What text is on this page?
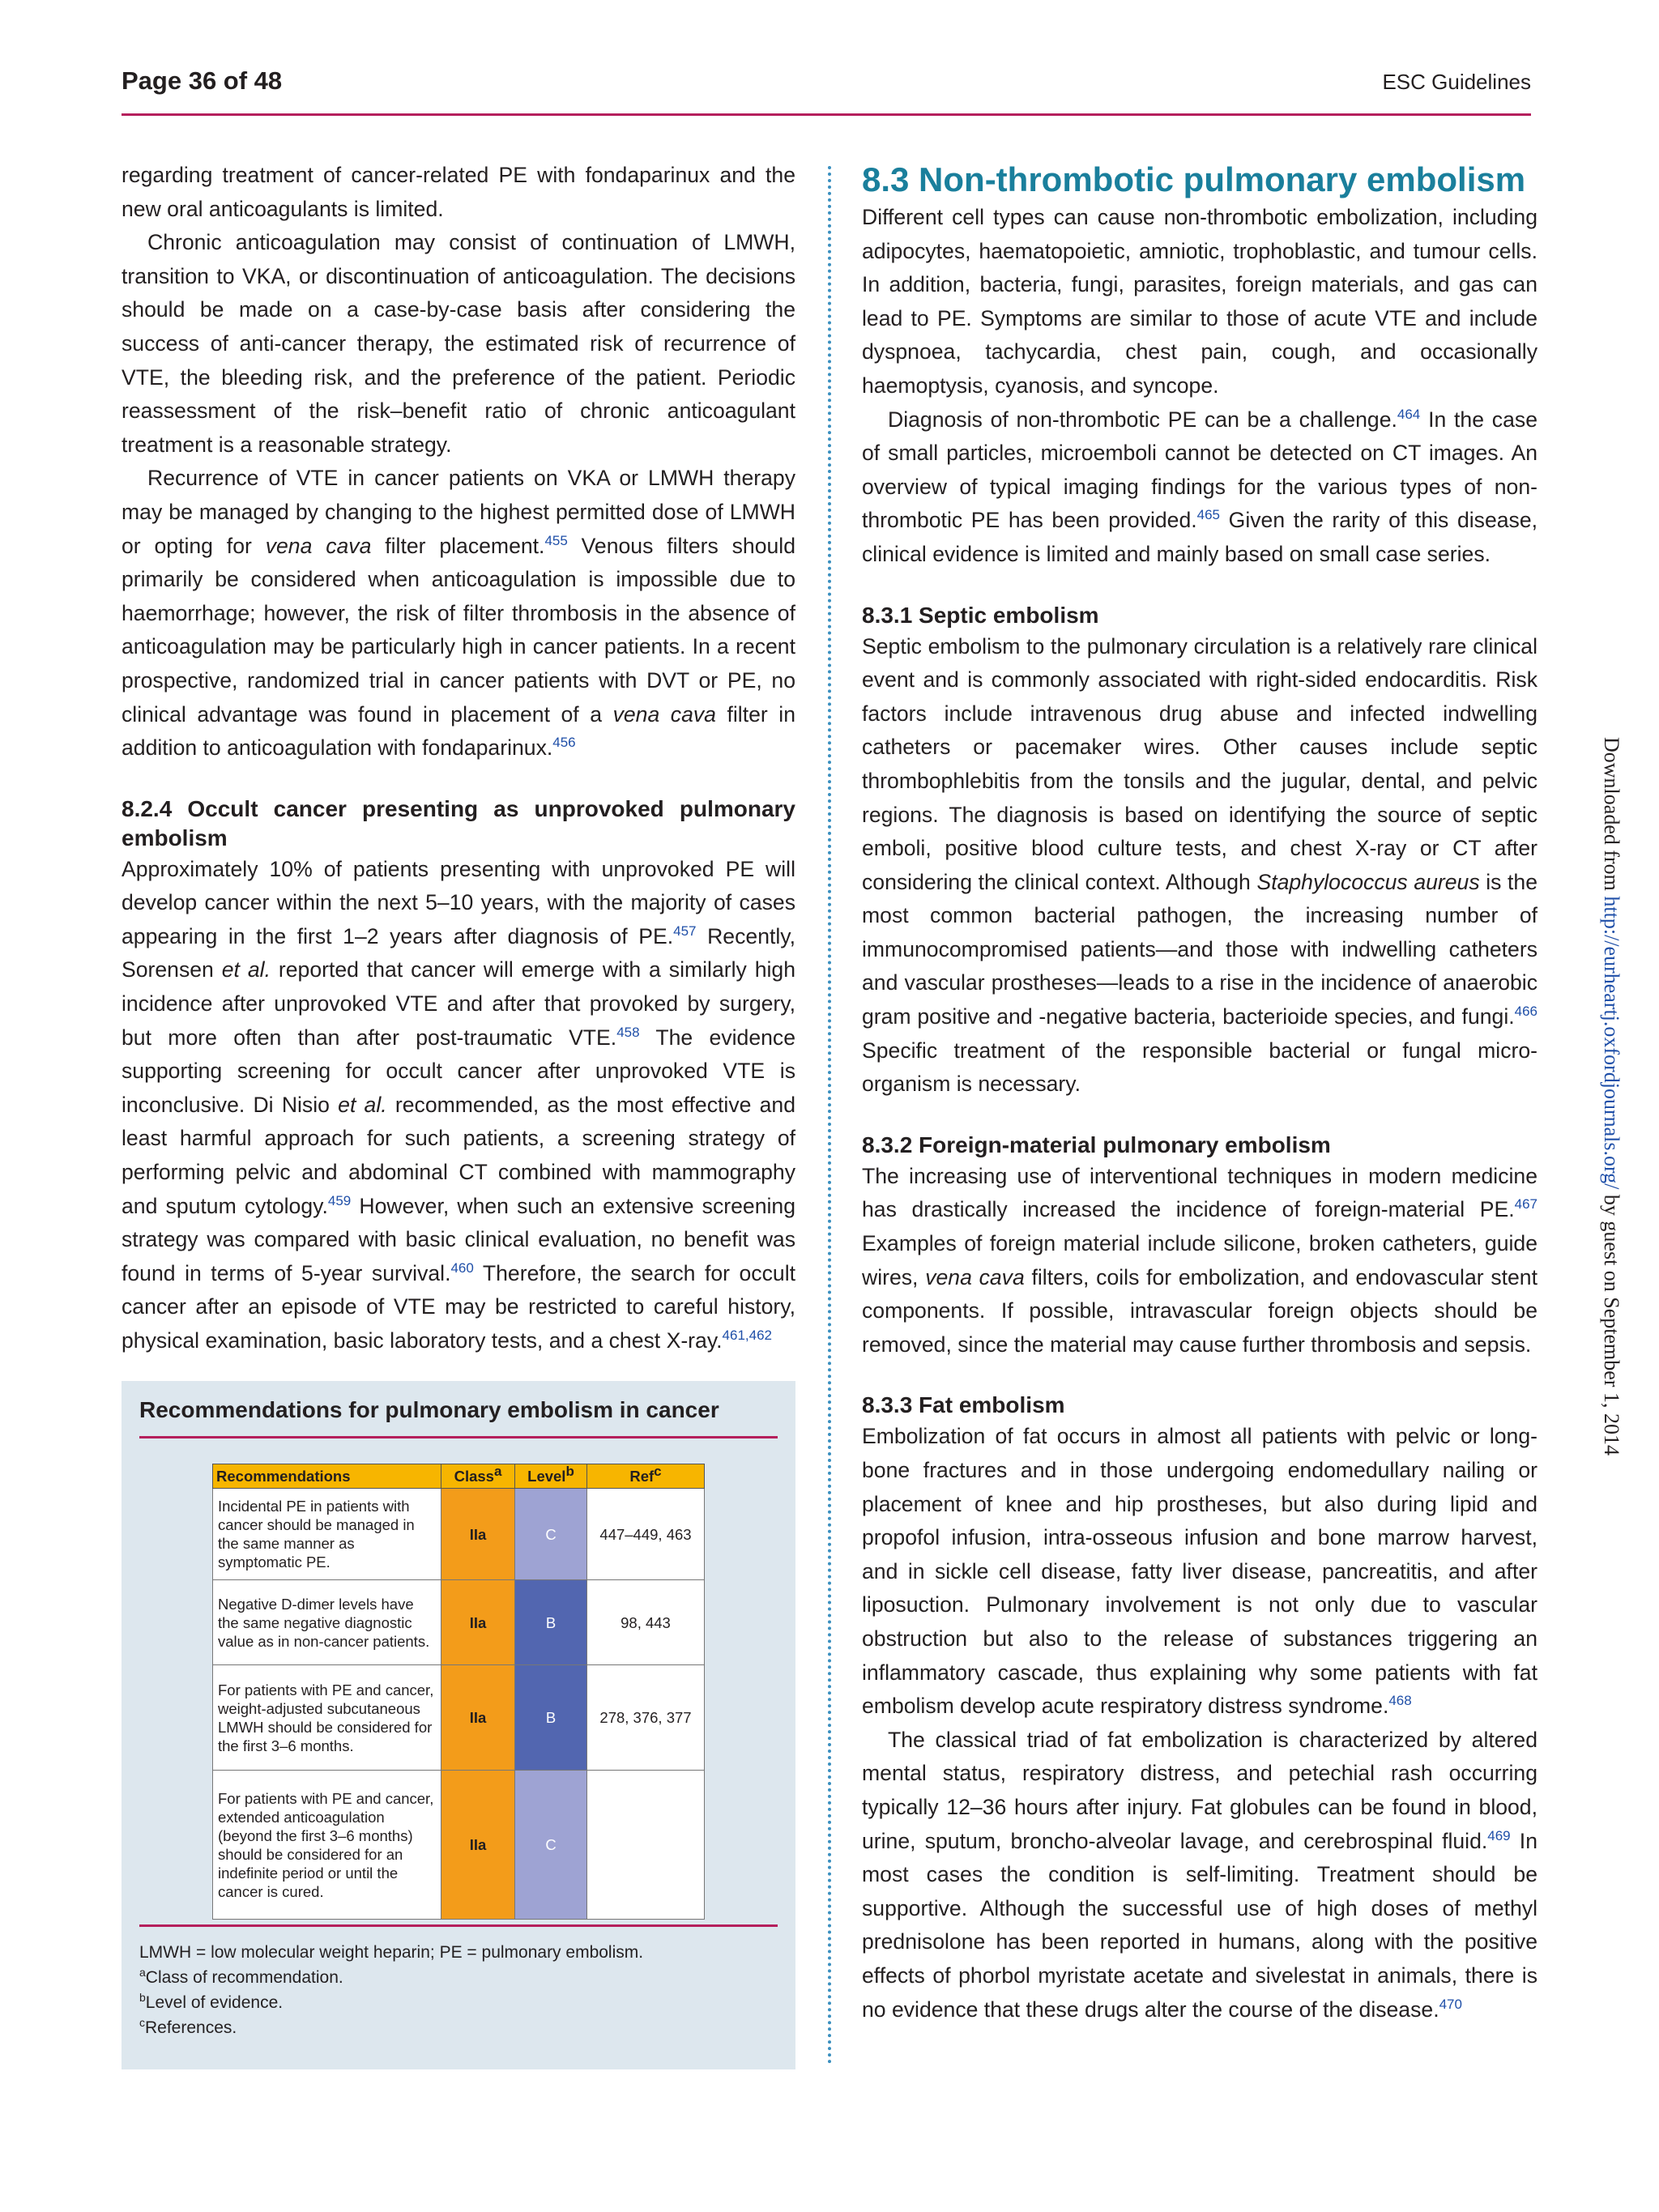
Page 36 of 48	ESC Guidelines

regarding treatment of cancer-related PE with fondaparinux and the new oral anticoagulants is limited.

Chronic anticoagulation may consist of continuation of LMWH, transition to VKA, or discontinuation of anticoagulation. The decisions should be made on a case-by-case basis after considering the success of anti-cancer therapy, the estimated risk of recurrence of VTE, the bleeding risk, and the preference of the patient. Periodic reassessment of the risk–benefit ratio of chronic anticoagulant treatment is a reasonable strategy.

Recurrence of VTE in cancer patients on VKA or LMWH therapy may be managed by changing to the highest permitted dose of LMWH or opting for vena cava filter placement.$^{455}$ Venous filters should primarily be considered when anticoagulation is impossible due to haemorrhage; however, the risk of filter thrombosis in the absence of anticoagulation may be particularly high in cancer patients. In a recent prospective, randomized trial in cancer patients with DVT or PE, no clinical advantage was found in placement of a vena cava filter in addition to anticoagulation with fondaparinux.$^{456}$

8.2.4 Occult cancer presenting as unprovoked pulmonary embolism

Approximately 10% of patients presenting with unprovoked PE will develop cancer within the next 5–10 years, with the majority of cases appearing in the first 1–2 years after diagnosis of PE.$^{457}$ Recently, Sorensen et al. reported that cancer will emerge with a similarly high incidence after unprovoked VTE and after that provoked by surgery, but more often than after post-traumatic VTE.$^{458}$ The evidence supporting screening for occult cancer after unprovoked VTE is inconclusive. Di Nisio et al. recommended, as the most effective and least harmful approach for such patients, a screening strategy of performing pelvic and abdominal CT combined with mammography and sputum cytology.$^{459}$ However, when such an extensive screening strategy was compared with basic clinical evaluation, no benefit was found in terms of 5-year survival.$^{460}$ Therefore, the search for occult cancer after an episode of VTE may be restricted to careful history, physical examination, basic laboratory tests, and a chest X-ray.$^{461,462}$

Recommendations for pulmonary embolism in cancer
Recommendations	Class$^a$	Level$^b$	Ref$^c$
Incidental PE in patients with cancer should be managed in the same manner as symptomatic PE.	IIa	C	447–449, 463
Negative D-dimer levels have the same negative diagnostic value as in non-cancer patients.	IIa	B	98, 443
For patients with PE and cancer, weight-adjusted subcutaneous LMWH should be considered for the first 3–6 months.	IIa	B	278, 376, 377
For patients with PE and cancer, extended anticoagulation (beyond the first 3–6 months) should be considered for an indefinite period or until the cancer is cured.	IIa	C	

LMWH = low molecular weight heparin; PE = pulmonary embolism.

$^a$Class of recommendation.

$^b$Level of evidence.

$^c$References.

8.3 Non-thrombotic pulmonary embolism

Different cell types can cause non-thrombotic embolization, including adipocytes, haematopoietic, amniotic, trophoblastic, and tumour cells. In addition, bacteria, fungi, parasites, foreign materials, and gas can lead to PE. Symptoms are similar to those of acute VTE and include dyspnoea, tachycardia, chest pain, cough, and occasionally haemoptysis, cyanosis, and syncope.

Diagnosis of non-thrombotic PE can be a challenge.$^{464}$ In the case of small particles, microemboli cannot be detected on CT images. An overview of typical imaging findings for the various types of non-thrombotic PE has been provided.$^{465}$ Given the rarity of this disease, clinical evidence is limited and mainly based on small case series.

8.3.1 Septic embolism

Septic embolism to the pulmonary circulation is a relatively rare clinical event and is commonly associated with right-sided endocarditis. Risk factors include intravenous drug abuse and infected indwelling catheters or pacemaker wires. Other causes include septic thrombophlebitis from the tonsils and the jugular, dental, and pelvic regions. The diagnosis is based on identifying the source of septic emboli, positive blood culture tests, and chest X-ray or CT after considering the clinical context. Although Staphylococcus aureus is the most common bacterial pathogen, the increasing number of immunocompromised patients—and those with indwelling catheters and vascular prostheses—leads to a rise in the incidence of anaerobic gram positive and -negative bacteria, bacterioide species, and fungi.$^{466}$ Specific treatment of the responsible bacterial or fungal micro-organism is necessary.

8.3.2 Foreign-material pulmonary embolism

The increasing use of interventional techniques in modern medicine has drastically increased the incidence of foreign-material PE.$^{467}$ Examples of foreign material include silicone, broken catheters, guide wires, vena cava filters, coils for embolization, and endovascular stent components. If possible, intravascular foreign objects should be removed, since the material may cause further thrombosis and sepsis.

8.3.3 Fat embolism

Embolization of fat occurs in almost all patients with pelvic or long-bone fractures and in those undergoing endomedullary nailing or placement of knee and hip prostheses, but also during lipid and propofol infusion, intra-osseous infusion and bone marrow harvest, and in sickle cell disease, fatty liver disease, pancreatitis, and after liposuction. Pulmonary involvement is not only due to vascular obstruction but also to the release of substances triggering an inflammatory cascade, thus explaining why some patients with fat embolism develop acute respiratory distress syndrome.$^{468}$

The classical triad of fat embolization is characterized by altered mental status, respiratory distress, and petechial rash occurring typically 12–36 hours after injury. Fat globules can be found in blood, urine, sputum, broncho-alveolar lavage, and cerebrospinal fluid.$^{469}$ In most cases the condition is self-limiting. Treatment should be supportive. Although the successful use of high doses of methyl prednisolone has been reported in humans, along with the positive effects of phorbol myristate acetate and sivelestat in animals, there is no evidence that these drugs alter the course of the disease.$^{470}$

Downloaded from http://eurheartj.oxfordjournals.org/ by guest on September 1, 2014
